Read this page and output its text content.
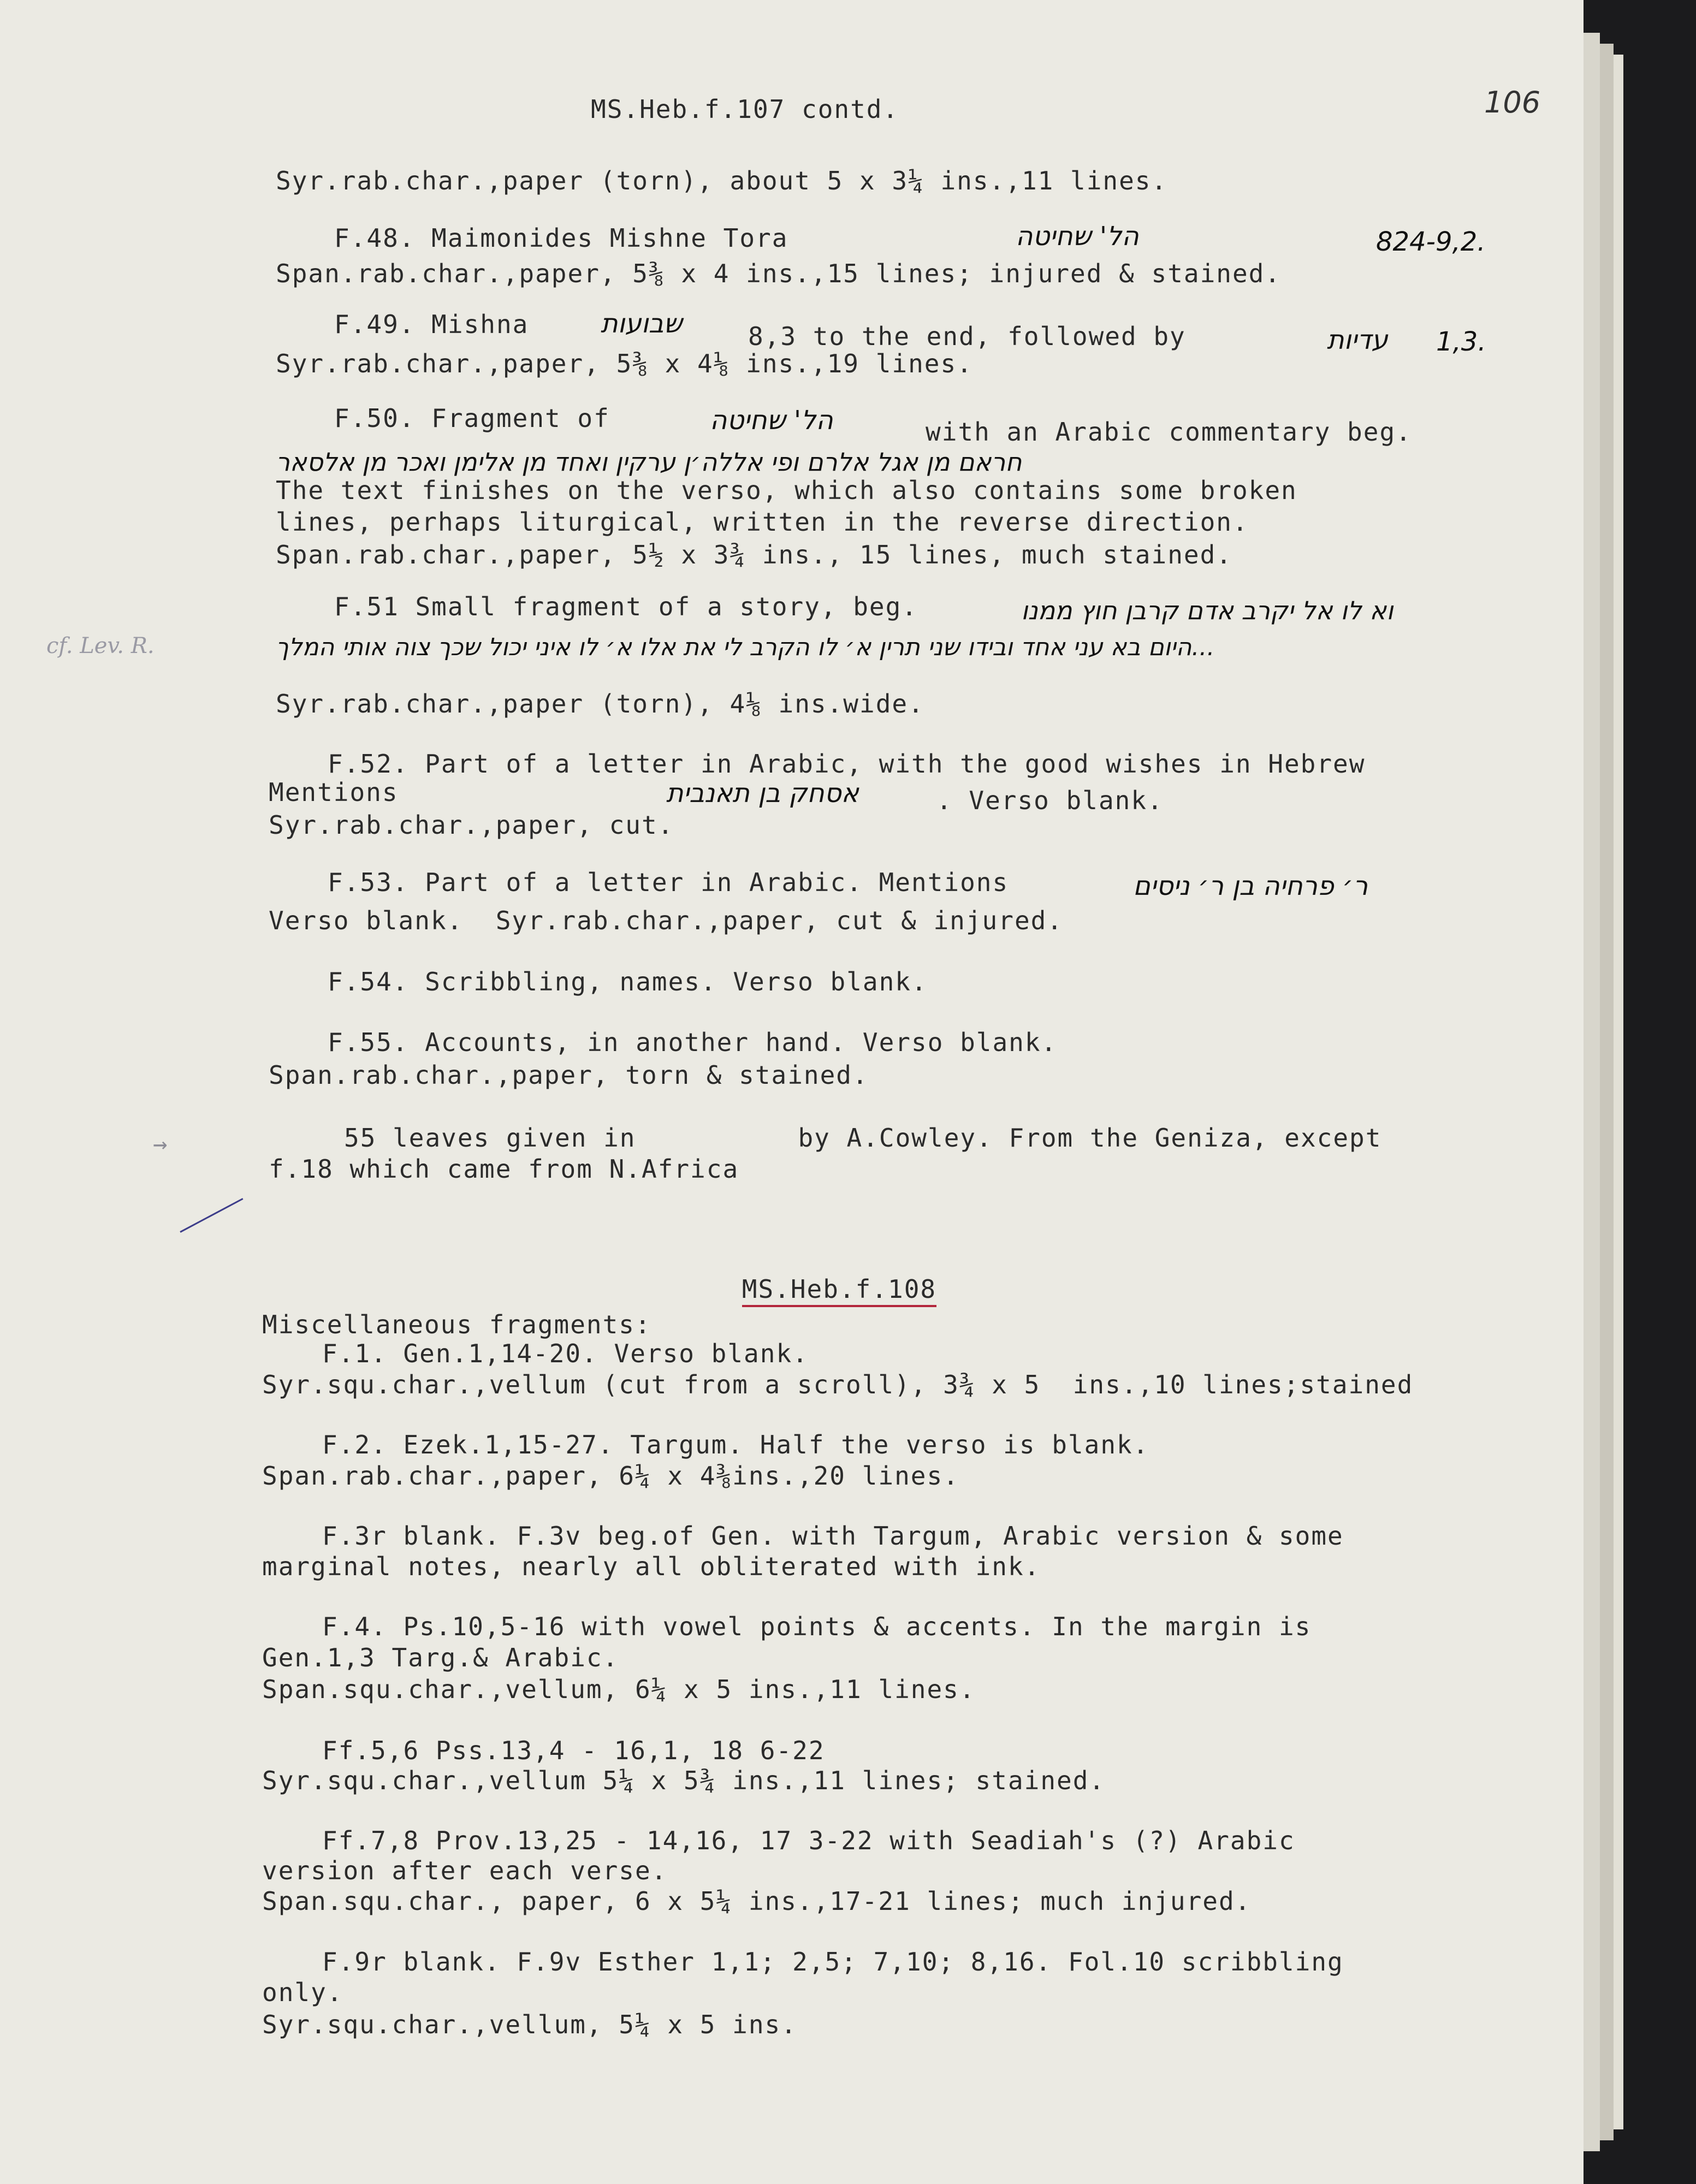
106
MS.Heb.f.107 contd.
Syr.rab.char.,paper (torn), about 5 x 3¼ ins.,11 lines.
F.48. Maimonides Mishne Tora	הל' שחיטה	824-9,2.
Span.rab.char.,paper, 5⅜ x 4 ins.,15 lines; injured & stained.
F.49. Mishna	שבועות	8,3 to the end, followed by	עדיות 1,3.
Syr.rab.char.,paper, 5⅜ x 4⅛ ins.,19 lines.
F.50. Fragment of	הל' שחיטה	with an Arabic commentary beg.
חראם מן אגל אלרם ופי אללה׳ן ערקין ואחד מן אלימן ואכר מן אלסאר
The text finishes on the verso, which also contains some broken
lines, perhaps liturgical, written in the reverse direction.
Span.rab.char.,paper, 5½ x 3¾ ins., 15 lines, much stained.
cf. Lev. R.
F.51 Small fragment of a story, beg.	וא לו אל יקרב אדם קרבן חוץ ממנו
...היום בא עני אחד ובידו שני תרין א׳ לו הקרב לי את אלו א׳ לו איני יכול שכך צוה אותי המלך
Syr.rab.char.,paper (torn), 4⅛ ins.wide.
F.52. Part of a letter in Arabic, with the good wishes in Hebrew
Mentions	אסחק בן תאנבית	. Verso blank.
Syr.rab.char.,paper, cut.
F.53. Part of a letter in Arabic. Mentions	ר׳ פרחיה בן ר׳ ניסים
Verso blank.  Syr.rab.char.,paper, cut & injured.
F.54. Scribbling, names. Verso blank.
F.55. Accounts, in another hand. Verso blank.
Span.rab.char.,paper, torn & stained.
→	55 leaves given in          by A.Cowley. From the Geniza, except
f.18 which came from N.Africa

MS.Heb.f.108

Miscellaneous fragments:
F.1. Gen.1,14-20. Verso blank.
Syr.squ.char.,vellum (cut from a scroll), 3¾ x 5  ins.,10 lines;stained
F.2. Ezek.1,15-27. Targum. Half the verso is blank.
Span.rab.char.,paper, 6¼ x 4⅜ins.,20 lines.
F.3r blank. F.3v beg.of Gen. with Targum, Arabic version & some
marginal notes, nearly all obliterated with ink.
F.4. Ps.10,5-16 with vowel points & accents. In the margin is
Gen.1,3 Targ.& Arabic.
Span.squ.char.,vellum, 6¼ x 5 ins.,11 lines.
Ff.5,6 Pss.13,4 - 16,1, 18 6-22
Syr.squ.char.,vellum 5¼ x 5¾ ins.,11 lines; stained.
Ff.7,8 Prov.13,25 - 14,16, 17 3-22 with Seadiah's (?) Arabic
version after each verse.
Span.squ.char., paper, 6 x 5¼ ins.,17-21 lines; much injured.
F.9r blank. F.9v Esther 1,1; 2,5; 7,10; 8,16. Fol.10 scribbling
only.
Syr.squ.char.,vellum, 5¼ x 5 ins.
